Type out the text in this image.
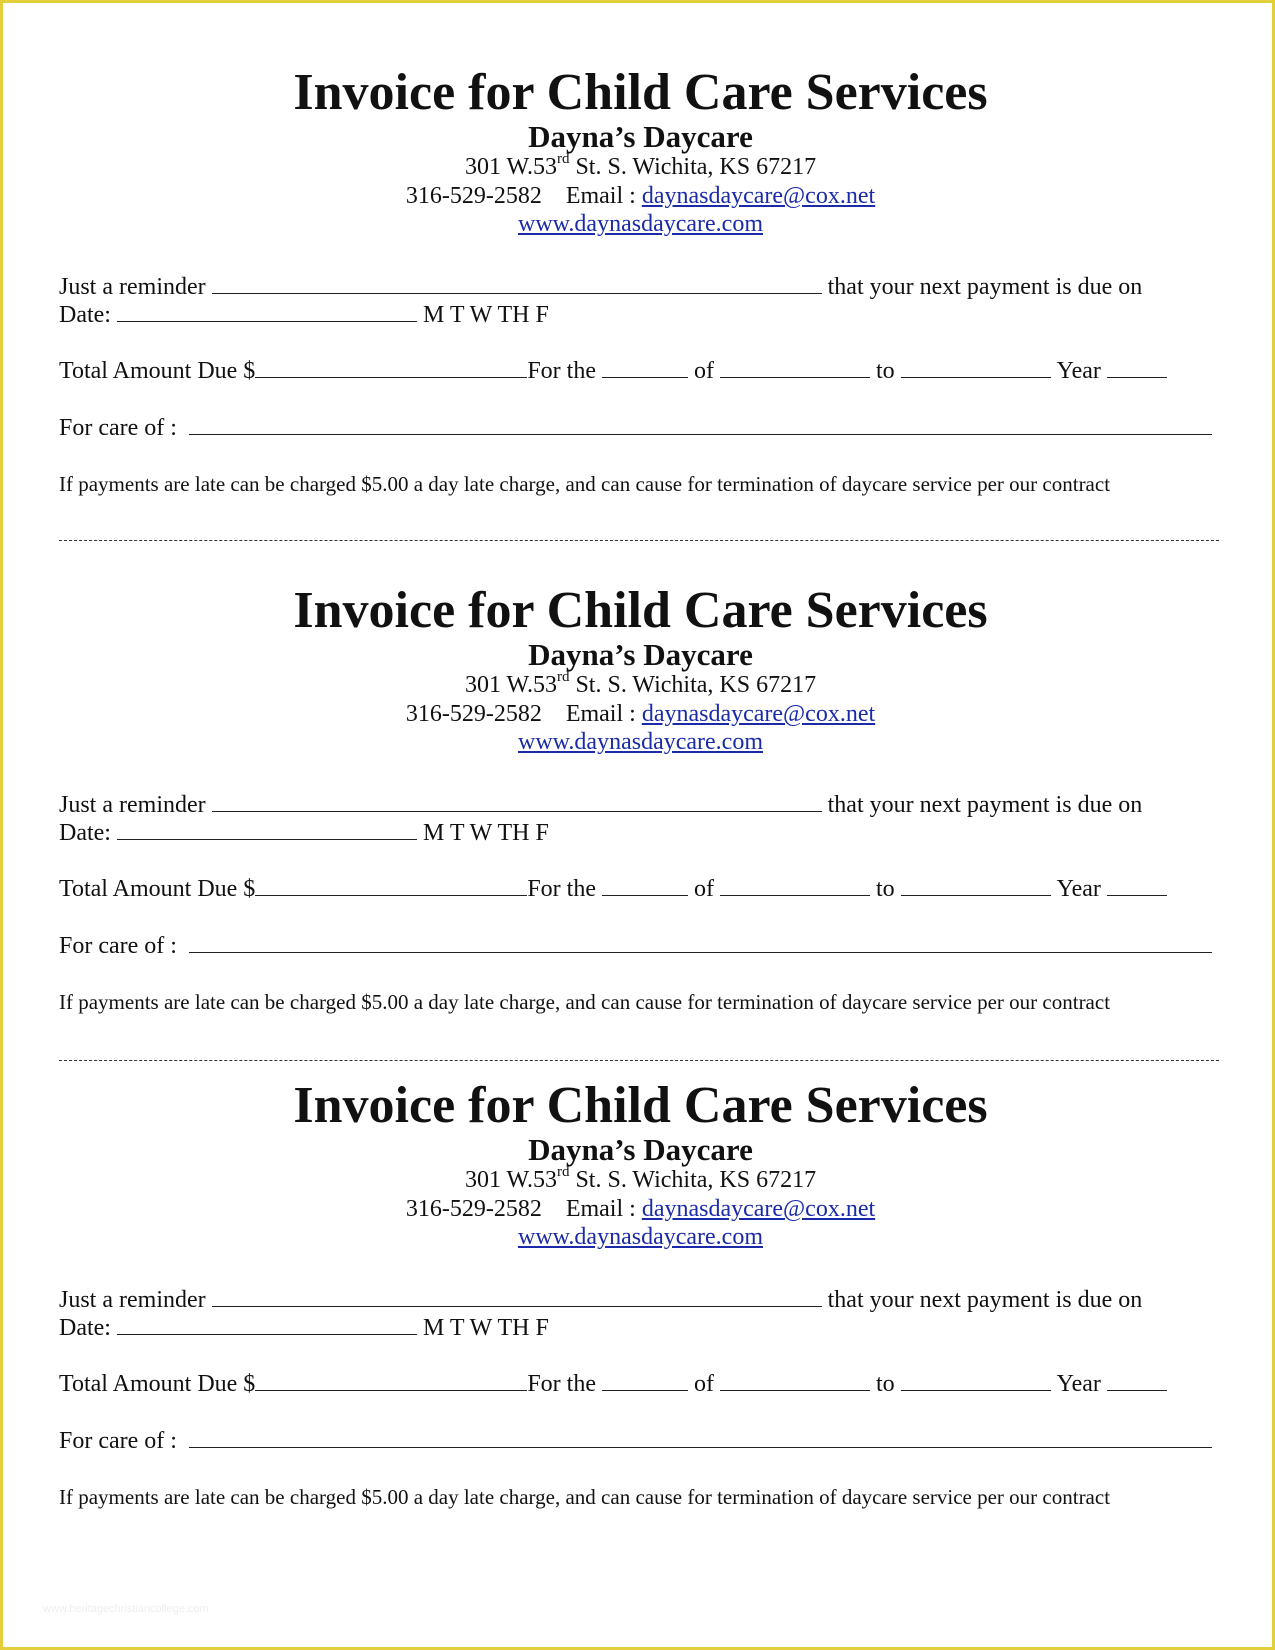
www.heritagechristiancollege.com
Invoice for Child Care Services
Dayna’s Daycare
301 W.53rd St. S. Wichita, KS 67217
316-529-2582 Email : daynasdaycare@cox.net
www.daynasdaycare.com
Just a reminder	that your next payment is due on
Date:	M T W TH F
Total Amount Due $	For the	of	to	Year
For care of :
If payments are late can be charged $5.00 a day late charge, and can cause for termination of daycare service per our contract
Invoice for Child Care Services
Dayna’s Daycare
301 W.53rd St. S. Wichita, KS 67217
316-529-2582 Email : daynasdaycare@cox.net
www.daynasdaycare.com
Just a reminder	that your next payment is due on
Date:	M T W TH F
Total Amount Due $	For the	of	to	Year
For care of :
If payments are late can be charged $5.00 a day late charge, and can cause for termination of daycare service per our contract
Invoice for Child Care Services
Dayna’s Daycare
301 W.53rd St. S. Wichita, KS 67217
316-529-2582 Email : daynasdaycare@cox.net
www.daynasdaycare.com
Just a reminder	that your next payment is due on
Date:	M T W TH F
Total Amount Due $	For the	of	to	Year
For care of :
If payments are late can be charged $5.00 a day late charge, and can cause for termination of daycare service per our contract
